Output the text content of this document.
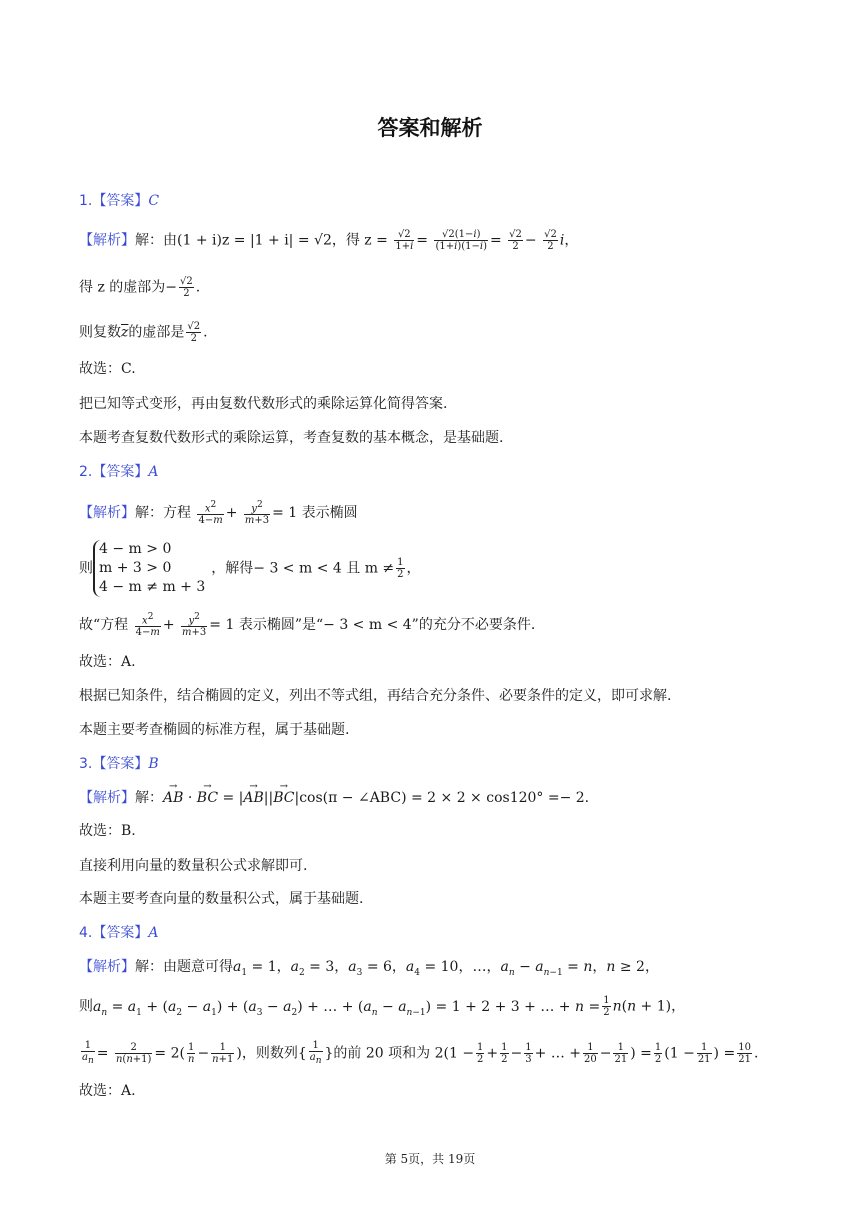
答案和解析
1.【答案】C
【解析】解：由(1 + i)z = |1 + i| = √2，得 $z = \frac{√2}{1+i} = \frac{√2(1-i)}{(1+i)(1-i)} = \frac{√2}{2} - \frac{√2}{2}$ i，
得 z 的虚部为− $\frac{√2}{2}$ .
则复数$\overline{z}$的虚部是 $\frac{√2}{2}$ .
故选：C.
把已知等式变形，再由复数代数形式的乘除运算化简得答案.
本题考查复数代数形式的乘除运算，考查复数的基本概念，是基础题.
2.【答案】A
【解析】解：方程 $\frac{x^2}{4-m} + \frac{y^2}{m+3} = 1$ 表示椭圆
则
4 − m > 0
m + 3 > 0
4 − m ≠ m + 3
，解得− 3 < m < 4 且 $m \ne \frac{1}{2}$ ，
故“方程 $\frac{x^2}{4-m} + \frac{y^2}{m+3} = 1$ 表示椭圆”是“− 3 < m < 4”的充分不必要条件.
故选：A.
根据已知条件，结合椭圆的定义，列出不等式组，再结合充分条件、必要条件的定义，即可求解.
本题主要考查椭圆的标准方程，属于基础题.
3.【答案】B
【解析】解：→ AB · → BC = |→ AB||→ BC|cos(π − ∠ABC) = 2 × 2 × cos120° =− 2.
故选：B.
直接利用向量的数量积公式求解即可.
本题主要考查向量的数量积公式，属于基础题.
4.【答案】A
【解析】解：由题意可得$a_1 = 1$，$a_2 = 3$，$a_3 = 6$，$a_4 = 10$，…，$a_n - a_{n-1} = n$，n ≥ 2，
则$a_n = a_1 + (a_2 - a_1) + (a_3 - a_2)$ + … + $(a_n - a_{n-1}) = 1 + 2 + 3$ + … + $n = \frac{1}{2} n(n + 1)$，
$\frac{1}{a_n} = \frac{2}{n(n+1)} = 2( \frac{1}{n} - \frac{1}{n+1}$ )，则数列{ $\frac{1}{a_n}$ }的前 20 项和为 $2(1 - \frac{1}{2} + \frac{1}{2} - \frac{1}{3}$ + … + $\frac{1}{20} - \frac{1}{21}$ ) = $\frac{1}{2} (1 - \frac{1}{21}$ ) = $\frac{10}{21}$ .
故选：A.
第 5页，共 19页
